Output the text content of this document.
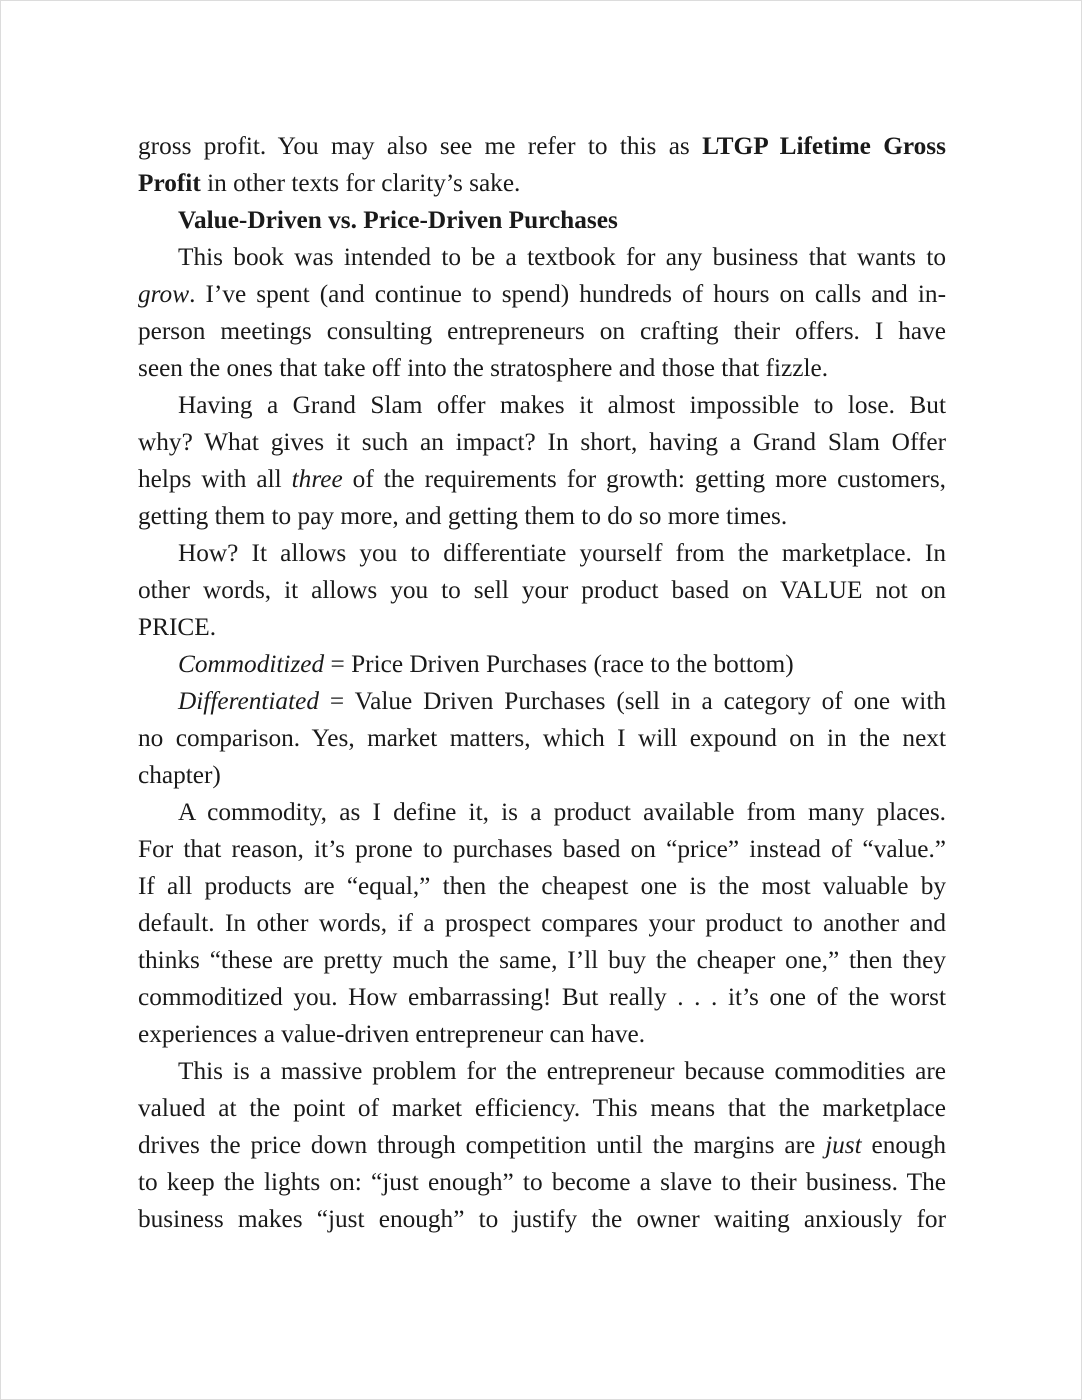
gross profit. You may also see me refer to this as LTGP Lifetime Gross
Profit in other texts for clarity’s sake.
Value-Driven vs. Price-Driven Purchases
This book was intended to be a textbook for any business that wants to
grow. I’ve spent (and continue to spend) hundreds of hours on calls and in-
person meetings consulting entrepreneurs on crafting their offers. I have
seen the ones that take off into the stratosphere and those that fizzle.
Having a Grand Slam offer makes it almost impossible to lose. But
why? What gives it such an impact? In short, having a Grand Slam Offer
helps with all three of the requirements for growth: getting more customers,
getting them to pay more, and getting them to do so more times.
How? It allows you to differentiate yourself from the marketplace. In
other words, it allows you to sell your product based on VALUE not on
PRICE.
Commoditized = Price Driven Purchases (race to the bottom)
Differentiated = Value Driven Purchases (sell in a category of one with
no comparison. Yes, market matters, which I will expound on in the next
chapter)
A commodity, as I define it, is a product available from many places.
For that reason, it’s prone to purchases based on “price” instead of “value.”
If all products are “equal,” then the cheapest one is the most valuable by
default. In other words, if a prospect compares your product to another and
thinks “these are pretty much the same, I’ll buy the cheaper one,” then they
commoditized you. How embarrassing! But really . . . it’s one of the worst
experiences a value-driven entrepreneur can have.
This is a massive problem for the entrepreneur because commodities are
valued at the point of market efficiency. This means that the marketplace
drives the price down through competition until the margins are just enough
to keep the lights on: “just enough” to become a slave to their business. The
business makes “just enough” to justify the owner waiting anxiously for
